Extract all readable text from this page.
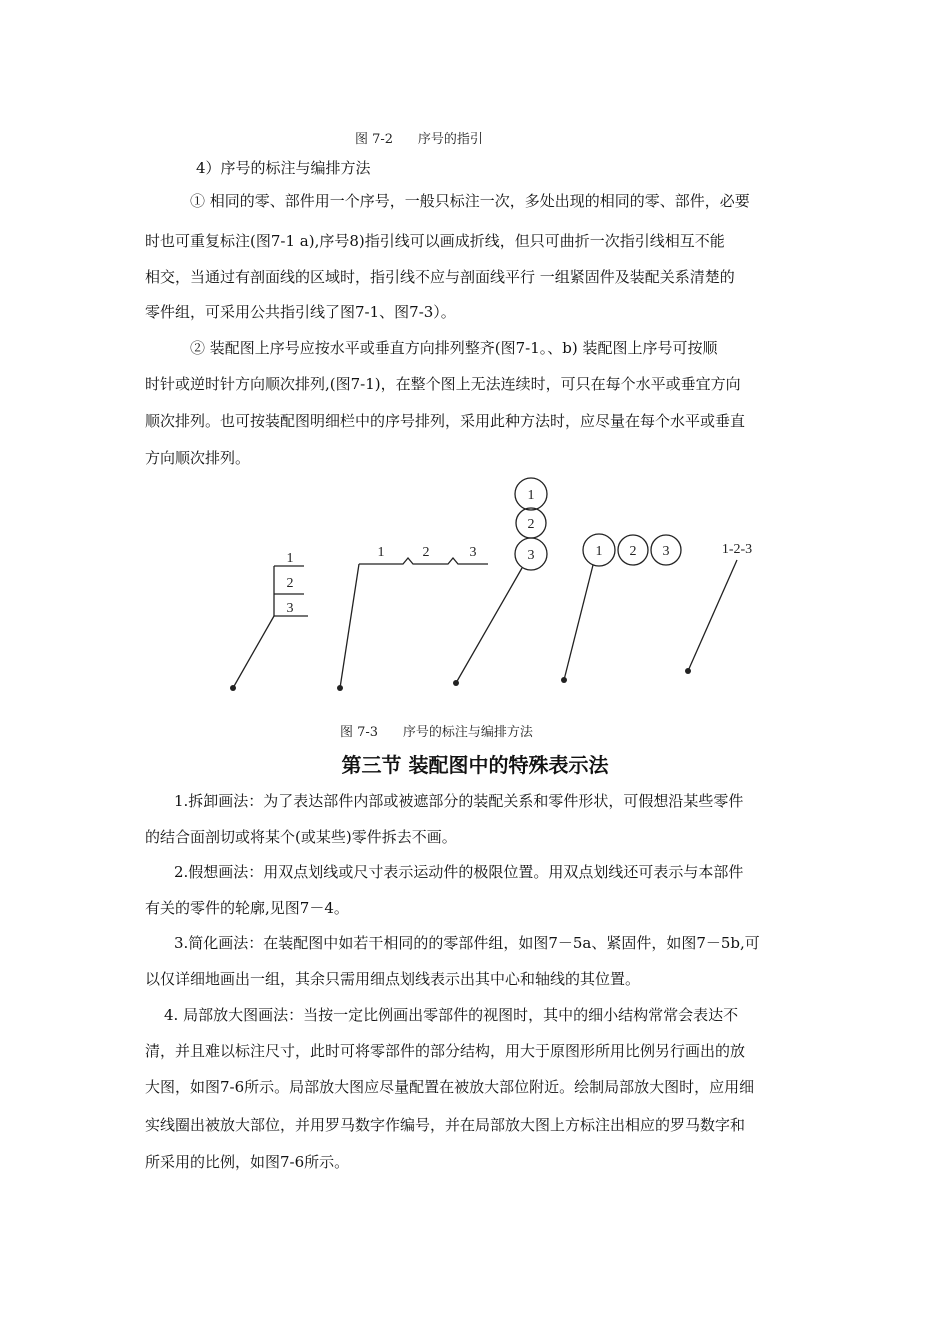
图 7-2      序号的指引
4）序号的标注与编排方法
① 相同的零、部件用一个序号，一般只标注一次，多处出现的相同的零、部件，必要
时也可重复标注(图7-1 a),序号8)指引线可以画成折线，但只可曲折一次指引线相互不能
相交，当通过有剖面线的区域时，指引线不应与剖面线平行 一组紧固件及装配关系清楚的
零件组，可采用公共指引线了图7-1、图7-3）。
② 装配图上序号应按水平或垂直方向排列整齐(图7-1。、b) 装配图上序号可按顺
时针或逆时针方向顺次排列,(图7-1)，在整个图上无法连续时，可只在每个水平或垂宜方向
顺次排列。也可按装配图明细栏中的序号排列，采用此种方法时，应尽量在每个水平或垂直
方向顺次排列。
1
2
3
1	2	3
1
2
3	1 2 3	1-2-3
图 7-3      序号的标注与编排方法
第三节 装配图中的特殊表示法
1.拆卸画法：为了表达部件内部或被遮部分的装配关系和零件形状，可假想沿某些零件
的结合面剖切或将某个(或某些)零件拆去不画。
2.假想画法：用双点划线或尺寸表示运动件的极限位置。用双点划线还可表示与本部件
有关的零件的轮廓,见图7－4。
3.简化画法：在装配图中如若干相同的的零部件组，如图7－5a、紧固件，如图7－5b,可
以仅详细地画出一组，其余只需用细点划线表示出其中心和轴线的其位置。
4. 局部放大图画法：当按一定比例画出零部件的视图时，其中的细小结构常常会表达不
清，并且难以标注尺寸，此时可将零部件的部分结构，用大于原图形所用比例另行画出的放
大图，如图7-6所示。局部放大图应尽量配置在被放大部位附近。绘制局部放大图时，应用细
实线圈出被放大部位，并用罗马数字作编号，并在局部放大图上方标注出相应的罗马数字和
所采用的比例，如图7-6所示。
